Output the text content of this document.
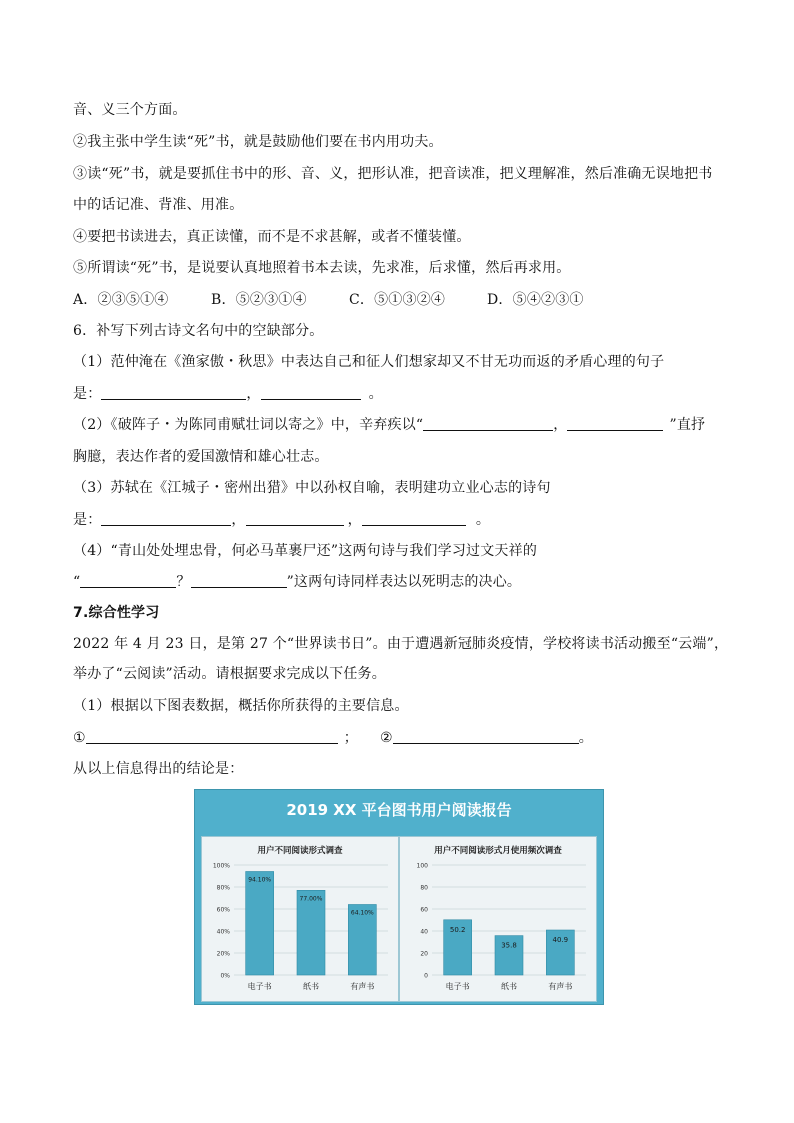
音、义三个方面。
②我主张中学生读“死”书，就是鼓励他们要在书内用功夫。
③读“死”书，就是要抓住书中的形、音、义，把形认准，把音读准，把义理解准，然后准确无误地把书
中的话记准、背准、用准。
④要把书读进去，真正读懂，而不是不求甚解，或者不懂装懂。
⑤所谓读“死”书，是说要认真地照着书本去读，先求准，后求懂，然后再求用。
A．②③⑤①④	B．⑤②③①④	C．⑤①③②④	D．⑤④②③①
6．补写下列古诗文名句中的空缺部分。
（1）范仲淹在《渔家傲・秋思》中表达自己和征人们想家却又不甘无功而返的矛盾心理的句子
是：	，	。
（2）《破阵子・为陈同甫赋壮词以寄之》中，辛弃疾以“	，	”直抒
胸臆，表达作者的爱国激情和雄心壮志。
（3）苏轼在《江城子・密州出猎》中以孙权自喻，表明建功立业心志的诗句
是：	，	，	。
（4）“青山处处埋忠骨，何必马革裹尸还”这两句诗与我们学习过文天祥的
“	？	”这两句诗同样表达以死明志的决心。
7.综合性学习
2022 年 4 月 23 日，是第 27 个“世界读书日”。由于遭遇新冠肺炎疫情，学校将读书活动搬至“云端”，
举办了“云阅读”活动。请根据要求完成以下任务。
（1）根据以下图表数据，概括你所获得的主要信息。
①	； ②	。
从以上信息得出的结论是：
2019 XX 平台图书用户阅读报告
用户不同阅读形式调查
100%
80%
60%
40%
20%
0%
94.10%
电子书
77.00%
纸书
64.10%
有声书
用户不同阅读形式月使用频次调查
100
80
60
40
20
0
50.2
电子书
35.8
纸书
40.9
有声书
